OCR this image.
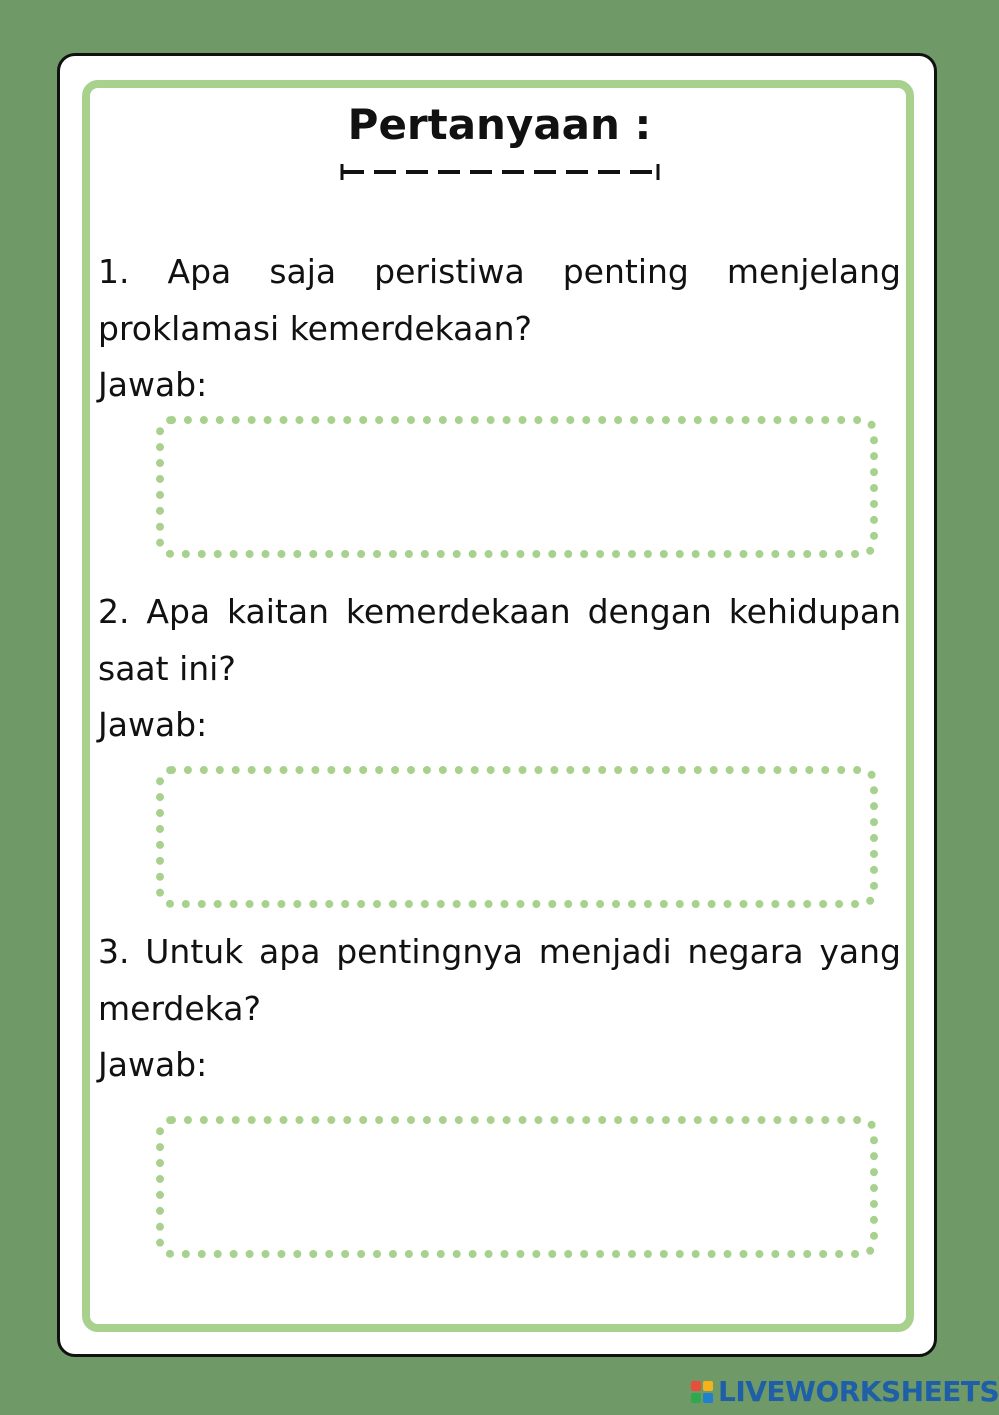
Pertanyaan :
1. Apa saja peristiwa penting menjelang proklamasi kemerdekaan?
Jawab:
2. Apa kaitan kemerdekaan dengan kehidupan saat ini?
Jawab:
3. Untuk apa pentingnya menjadi negara yang merdeka?
Jawab:
LIVEWORKSHEETS
